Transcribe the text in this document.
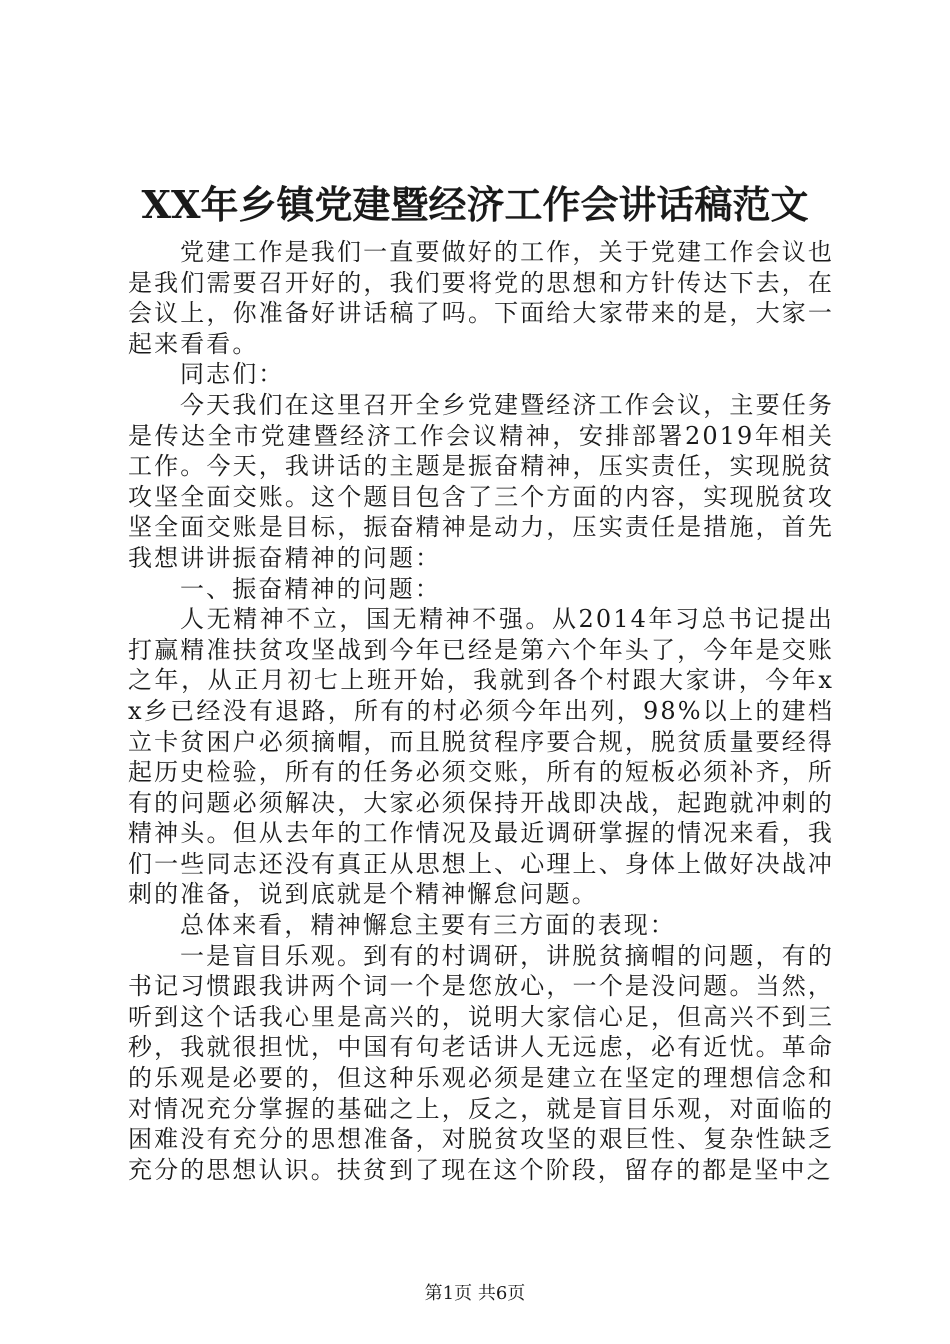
XX年乡镇党建暨经济工作会讲话稿范文

党建工作是我们一直要做好的工作，关于党建工作会议也是我们需要召开好的，我们要将党的思想和方针传达下去，在会议上，你准备好讲话稿了吗。下面给大家带来的是，大家一起来看看。

同志们：

今天我们在这里召开全乡党建暨经济工作会议，主要任务是传达全市党建暨经济工作会议精神，安排部署2019年相关工作。今天，我讲话的主题是振奋精神，压实责任，实现脱贫攻坚全面交账。这个题目包含了三个方面的内容，实现脱贫攻坚全面交账是目标，振奋精神是动力，压实责任是措施，首先我想讲讲振奋精神的问题：

一、振奋精神的问题：

人无精神不立，国无精神不强。从2014年习总书记提出打赢精准扶贫攻坚战到今年已经是第六个年头了，今年是交账之年，从正月初七上班开始，我就到各个村跟大家讲，今年xx乡已经没有退路，所有的村必须今年出列，98%以上的建档立卡贫困户必须摘帽，而且脱贫程序要合规，脱贫质量要经得起历史检验，所有的任务必须交账，所有的短板必须补齐，所有的问题必须解决，大家必须保持开战即决战，起跑就冲刺的精神头。但从去年的工作情况及最近调研掌握的情况来看，我们一些同志还没有真正从思想上、心理上、身体上做好决战冲刺的准备，说到底就是个精神懈怠问题。

总体来看，精神懈怠主要有三方面的表现：

一是盲目乐观。到有的村调研，讲脱贫摘帽的问题，有的书记习惯跟我讲两个词一个是您放心，一个是没问题。当然，听到这个话我心里是高兴的，说明大家信心足，但高兴不到三秒，我就很担忧，中国有句老话讲人无远虑，必有近忧。革命的乐观是必要的，但这种乐观必须是建立在坚定的理想信念和对情况充分掌握的基础之上，反之，就是盲目乐观，对面临的困难没有充分的思想准备，对脱贫攻坚的艰巨性、复杂性缺乏充分的思想认识。扶贫到了现在这个阶段，留存的都是坚中之

第1页 共6页
